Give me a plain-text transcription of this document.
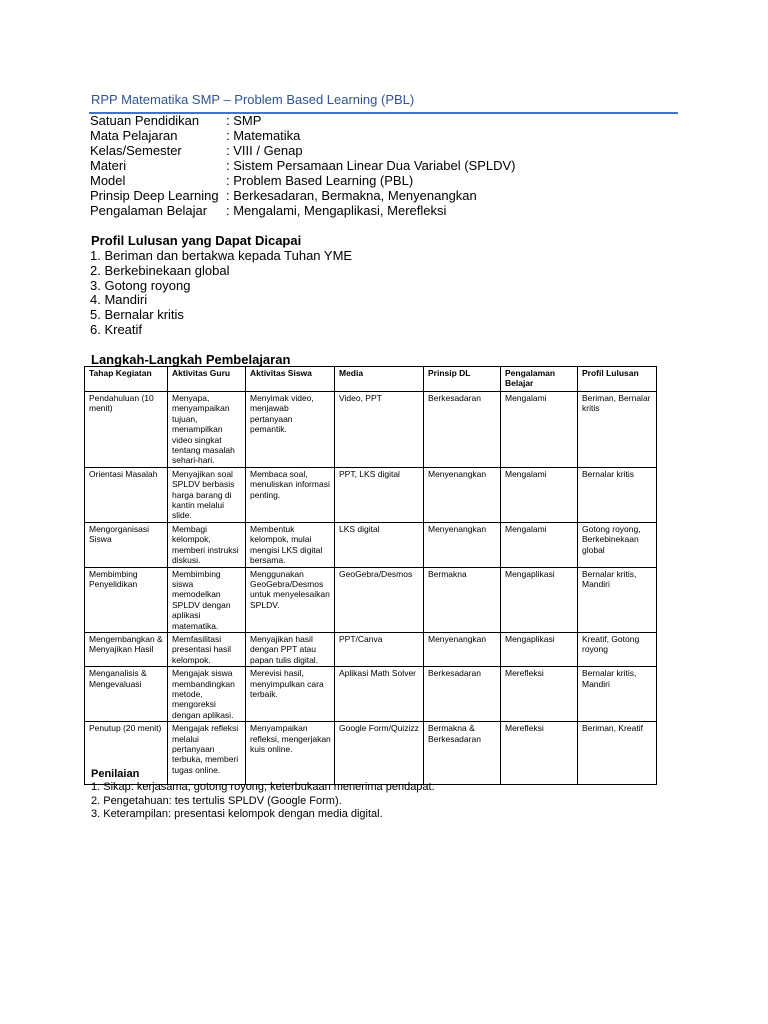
RPP Matematika SMP – Problem Based Learning (PBL)
Satuan Pendidikan : SMP
Mata Pelajaran	: Matematika
Kelas/Semester	: VIII / Genap
Materi	: Sistem Persamaan Linear Dua Variabel (SPLDV)
Model	: Problem Based Learning (PBL)
Prinsip Deep Learning : Berkesadaran, Bermakna, Menyenangkan
Pengalaman Belajar : Mengalami, Mengaplikasi, Merefleksi
Profil Lulusan yang Dapat Dicapai
1. Beriman dan bertakwa kepada Tuhan YME
2. Berkebinekaan global
3. Gotong royong
4. Mandiri
5. Bernalar kritis
6. Kreatif
Langkah-Langkah Pembelajaran
Tahap Kegiatan	Aktivitas Guru	Aktivitas Siswa	Media	Prinsip DL	Pengalaman Belajar	Profil Lulusan
Pendahuluan (10 menit)	Menyapa, menyampaikan tujuan, menampilkan video singkat tentang masalah sehari-hari.	Menyimak video, menjawab pertanyaan pemantik.	Video, PPT	Berkesadaran	Mengalami	Beriman, Bernalar kritis
Orientasi Masalah	Menyajikan soal SPLDV berbasis harga barang di kantin melalui slide.	Membaca soal, menuliskan informasi penting.	PPT, LKS digital	Menyenangkan	Mengalami	Bernalar kritis
Mengorganisasi Siswa	Membagi kelompok, memberi instruksi diskusi.	Membentuk kelompok, mulai mengisi LKS digital bersama.	LKS digital	Menyenangkan	Mengalami	Gotong royong, Berkebinekaan global
Membimbing Penyelidikan	Membimbing siswa memodelkan SPLDV dengan aplikasi matematika.	Menggunakan GeoGebra/Desmos untuk menyelesaikan SPLDV.	GeoGebra/Desmos	Bermakna	Mengaplikasi	Bernalar kritis, Mandiri
Mengembangkan & Menyajikan Hasil	Memfasilitasi presentasi hasil kelompok.	Menyajikan hasil dengan PPT atau papan tulis digital.	PPT/Canva	Menyenangkan	Mengaplikasi	Kreatif, Gotong royong
Menganalisis & Mengevaluasi	Mengajak siswa membandingkan metode, mengoreksi dengan aplikasi.	Merevisi hasil, menyimpulkan cara terbaik.	Aplikasi Math Solver	Berkesadaran	Merefleksi	Bernalar kritis, Mandiri
Penutup (20 menit)	Mengajak refleksi melalui pertanyaan terbuka, memberi tugas online.	Menyampaikan refleksi, mengerjakan kuis online.	Google Form/Quizizz	Bermakna & Berkesadaran	Merefleksi	Beriman, Kreatif
Penilaian
1. Sikap: kerjasama, gotong royong, keterbukaan menerima pendapat.
2. Pengetahuan: tes tertulis SPLDV (Google Form).
3. Keterampilan: presentasi kelompok dengan media digital.
